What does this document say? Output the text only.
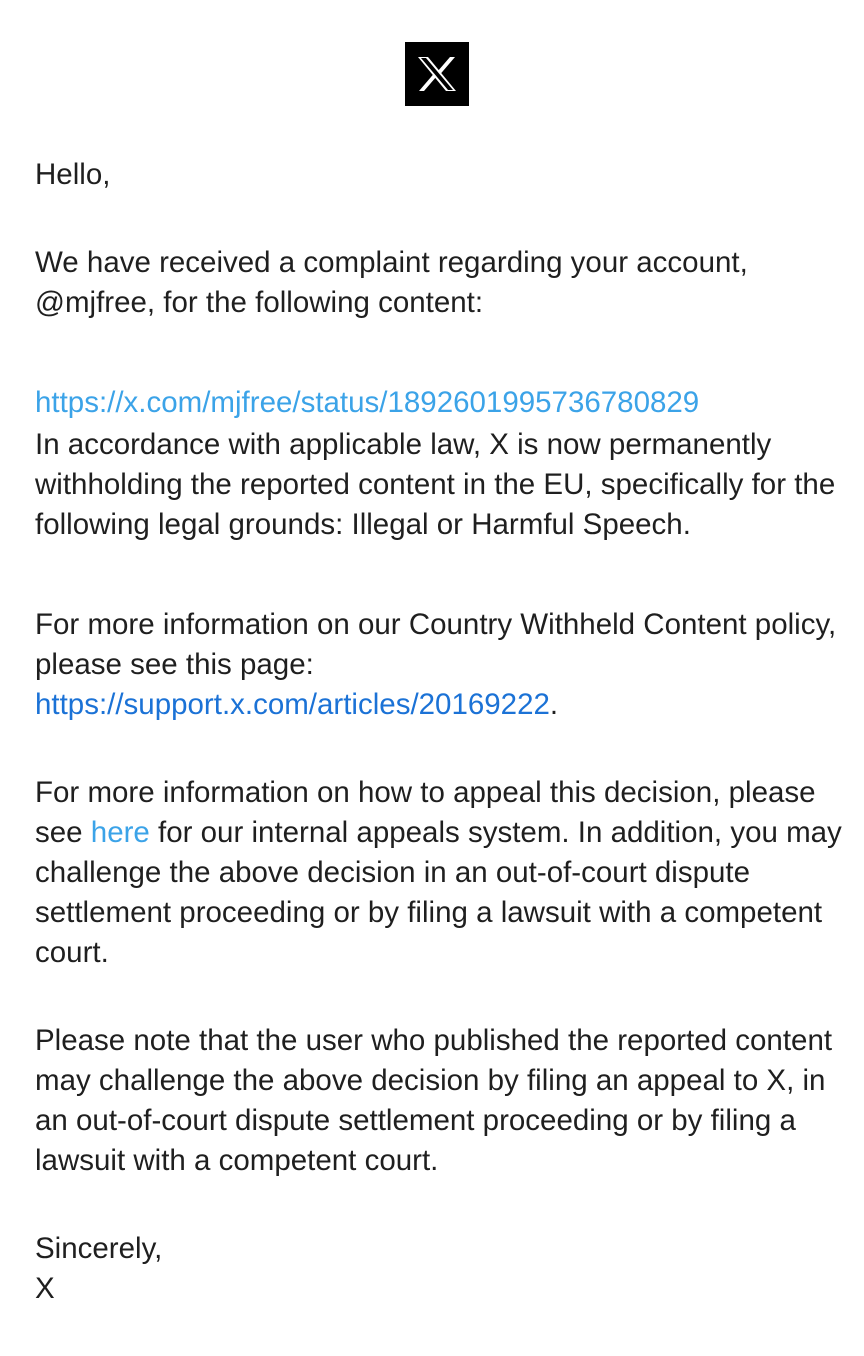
Hello,

We have received a complaint regarding your account, @mjfree, for the following content:

https://x.com/mjfree/status/1892601995736780829

In accordance with applicable law, X is now permanently withholding the reported content in the EU, specifically for the following legal grounds: Illegal or Harmful Speech.

For more information on our Country Withheld Content policy, please see this page:
https://support.x.com/articles/20169222.

For more information on how to appeal this decision, please see here for our internal appeals system. In addition, you may challenge the above decision in an out-of-court dispute settlement proceeding or by filing a lawsuit with a competent court.

Please note that the user who published the reported content may challenge the above decision by filing an appeal to X, in an out-of-court dispute settlement proceeding or by filing a lawsuit with a competent court.

Sincerely,

X
